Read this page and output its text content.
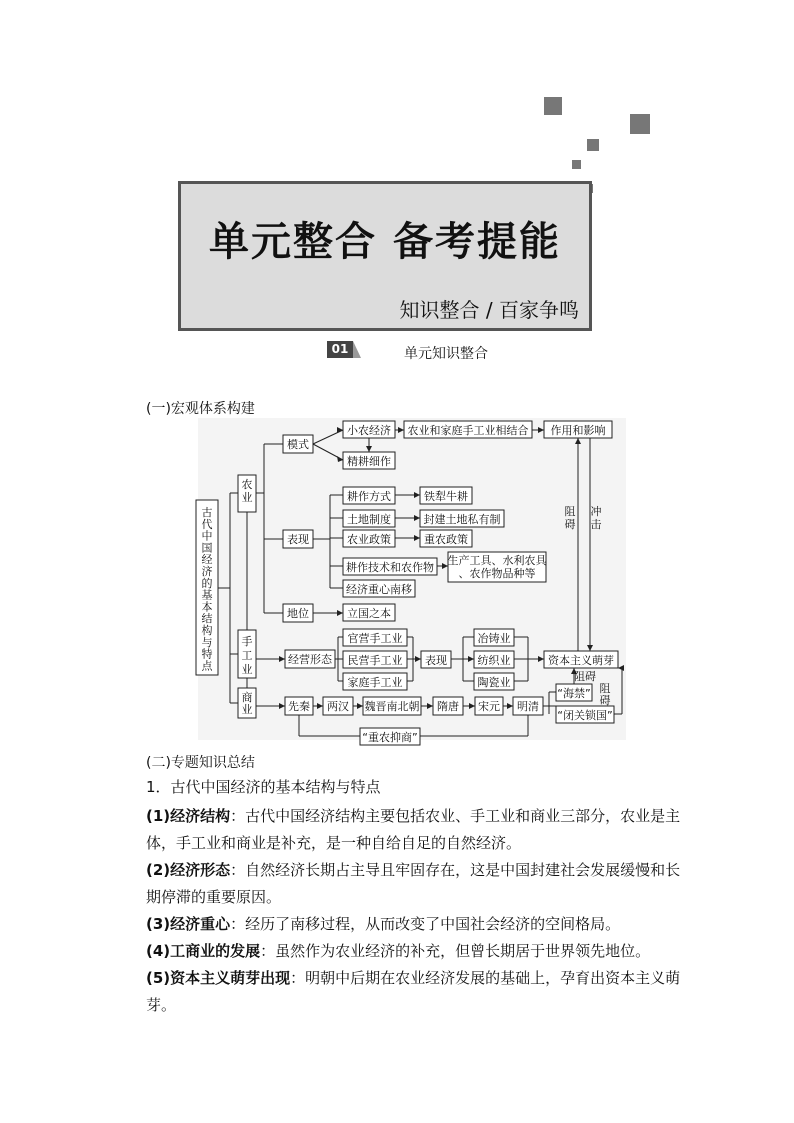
单元整合 备考提能
知识整合 / 百家争鸣
01	单元知识整合
(一)宏观体系构建
古代中国经济的基本结构与特点
农业
手工业
商业
模式
小农经济 农业和家庭手工业相结合 作用和影响
精耕细作
表现
耕作方式	铁犁牛耕
土地制度	封建土地私有制
农业政策	重农政策
耕作技术和农作物
生产工具、水利农具、农作物品种等
经济重心南移
地位	立国之本
经营形态
官营手工业
民营手工业
家庭手工业
表现
冶铸业
纺织业
陶瓷业
资本主义萌芽
阻碍
冲击
阻碍
阻碍
“海禁”
“闭关锁国”
先秦 两汉 魏晋南北朝 隋唐 宋元 明清
“重农抑商”
(二)专题知识总结
1．古代中国经济的基本结构与特点
(1)经济结构：古代中国经济结构主要包括农业、手工业和商业三部分，农业是主体，手工业和商业是补充，是一种自给自足的自然经济。
(2)经济形态：自然经济长期占主导且牢固存在，这是中国封建社会发展缓慢和长期停滞的重要原因。
(3)经济重心：经历了南移过程，从而改变了中国社会经济的空间格局。
(4)工商业的发展：虽然作为农业经济的补充，但曾长期居于世界领先地位。
(5)资本主义萌芽出现：明朝中后期在农业经济发展的基础上，孕育出资本主义萌芽。
